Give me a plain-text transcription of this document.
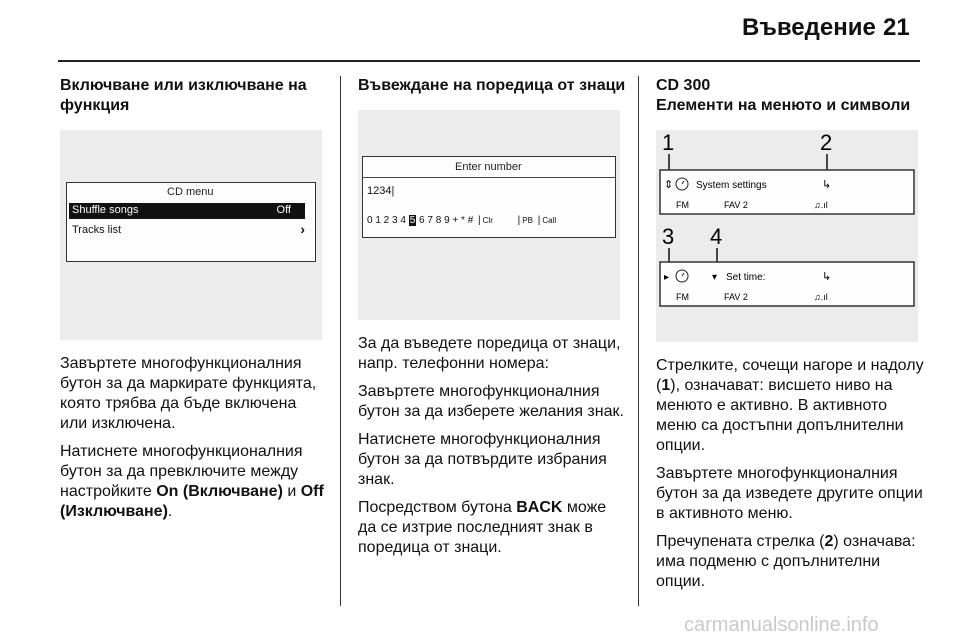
Въведение 21

Включване или изключване на функция

CD menu
Shuffle songs	Off
Tracks list	›

Завъртете многофункционалния бутон за да маркирате функцията, която трябва да бъде включена или изключена.

Натиснете многофункционалния бутон за да превключите между настройките On (Включване) и Off (Изключване).

Въвеждане на поредица от знаци

Enter number
1234|
0 1 2 3 4 5 6 7 8 9 + * # | Clr | PB | Call

За да въведете поредица от знаци, напр. телефонни номера:

Завъртете многофункционалния бутон за да изберете желания знак.

Натиснете многофункционалния бутон за да потвърдите избрания знак.

Посредством бутона BACK може да се изтрие последният знак в поредица от знаци.

CD 300

Елементи на менюто и символи

1	2
⇕ System settings	↳
FM	FAV 2	♫.ıl
3 4
▸	▾ Set time:	↳
FM	FAV 2	♫.ıl

Стрелките, сочещи нагоре и надолу (1), означават: висшето ниво на менюто е активно. В активното меню са достъпни допълнителни опции.

Завъртете многофункционалния бутон за да изведете другите опции в активното меню.

Пречупената стрелка (2) означава: има подменю с допълнителни опции.

carmanualsonline.info
